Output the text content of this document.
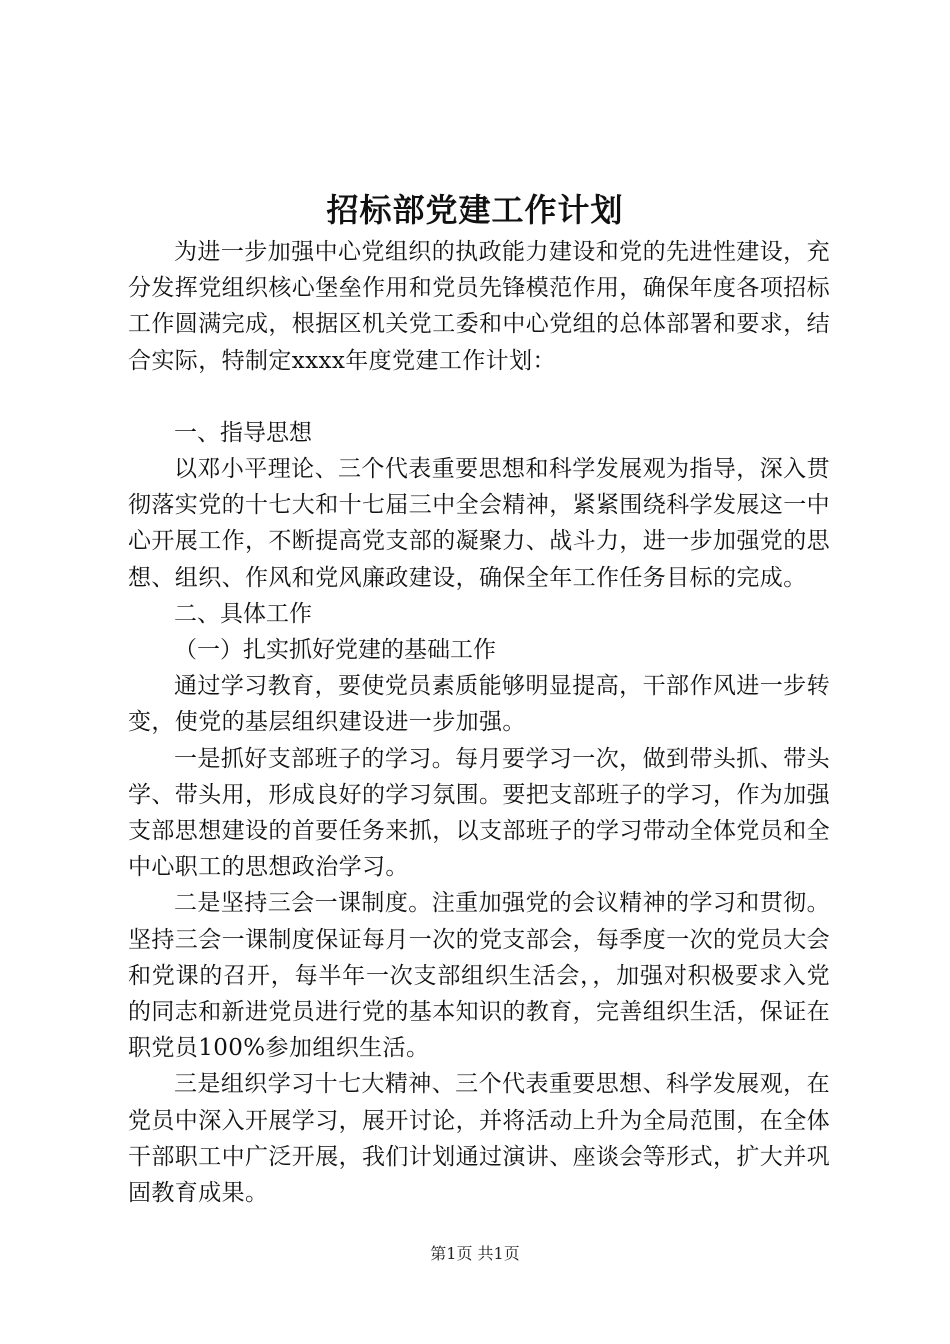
招标部党建工作计划

为进一步加强中心党组织的执政能力建设和党的先进性建设，充分发挥党组织核心堡垒作用和党员先锋模范作用，确保年度各项招标工作圆满完成，根据区机关党工委和中心党组的总体部署和要求，结合实际，特制定xxxx年度党建工作计划：

一、指导思想

以邓小平理论、三个代表重要思想和科学发展观为指导，深入贯彻落实党的十七大和十七届三中全会精神，紧紧围绕科学发展这一中心开展工作，不断提高党支部的凝聚力、战斗力，进一步加强党的思想、组织、作风和党风廉政建设，确保全年工作任务目标的完成。

二、具体工作
（一）扎实抓好党建的基础工作

通过学习教育，要使党员素质能够明显提高，干部作风进一步转变，使党的基层组织建设进一步加强。

一是抓好支部班子的学习。每月要学习一次，做到带头抓、带头学、带头用，形成良好的学习氛围。要把支部班子的学习，作为加强支部思想建设的首要任务来抓，以支部班子的学习带动全体党员和全中心职工的思想政治学习。

二是坚持三会一课制度。注重加强党的会议精神的学习和贯彻。坚持三会一课制度保证每月一次的党支部会，每季度一次的党员大会和党课的召开，每半年一次支部组织生活会，，加强对积极要求入党的同志和新进党员进行党的基本知识的教育，完善组织生活，保证在职党员100%参加组织生活。

三是组织学习十七大精神、三个代表重要思想、科学发展观，在党员中深入开展学习，展开讨论，并将活动上升为全局范围，在全体干部职工中广泛开展，我们计划通过演讲、座谈会等形式，扩大并巩固教育成果。

第1页 共1页
